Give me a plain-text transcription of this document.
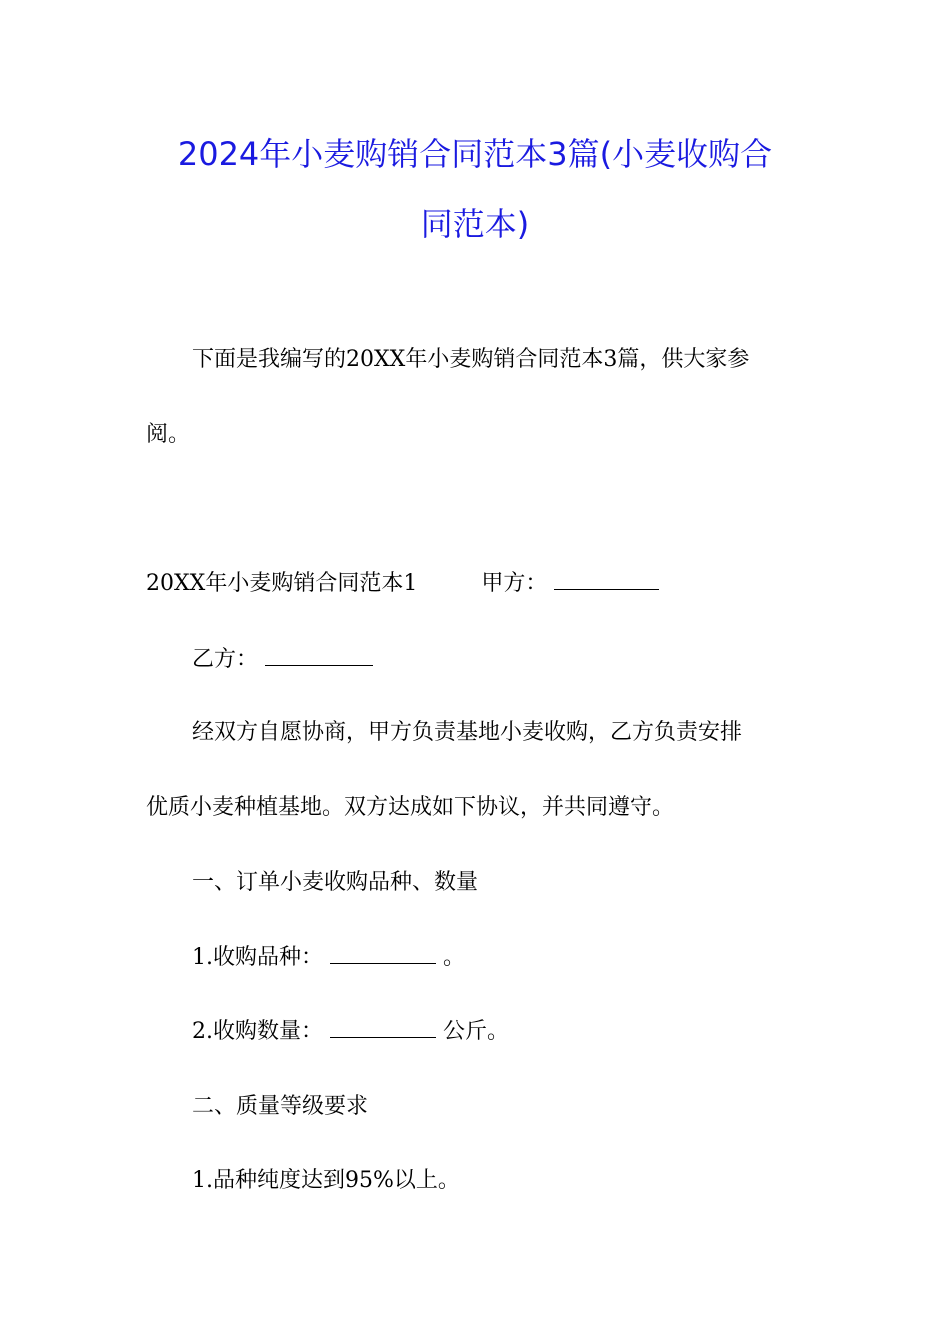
2024年小麦购销合同范本3篇(小麦收购合
同范本)
下面是我编写的20XX年小麦购销合同范本3篇，供大家参
阅。
20XX年小麦购销合同范本1	甲方：
乙方：
经双方自愿协商，甲方负责基地小麦收购，乙方负责安排
优质小麦种植基地。双方达成如下协议，并共同遵守。
一、订单小麦收购品种、数量
1.收购品种：	。
2.收购数量：	公斤。
二、质量等级要求
1.品种纯度达到95%以上。
